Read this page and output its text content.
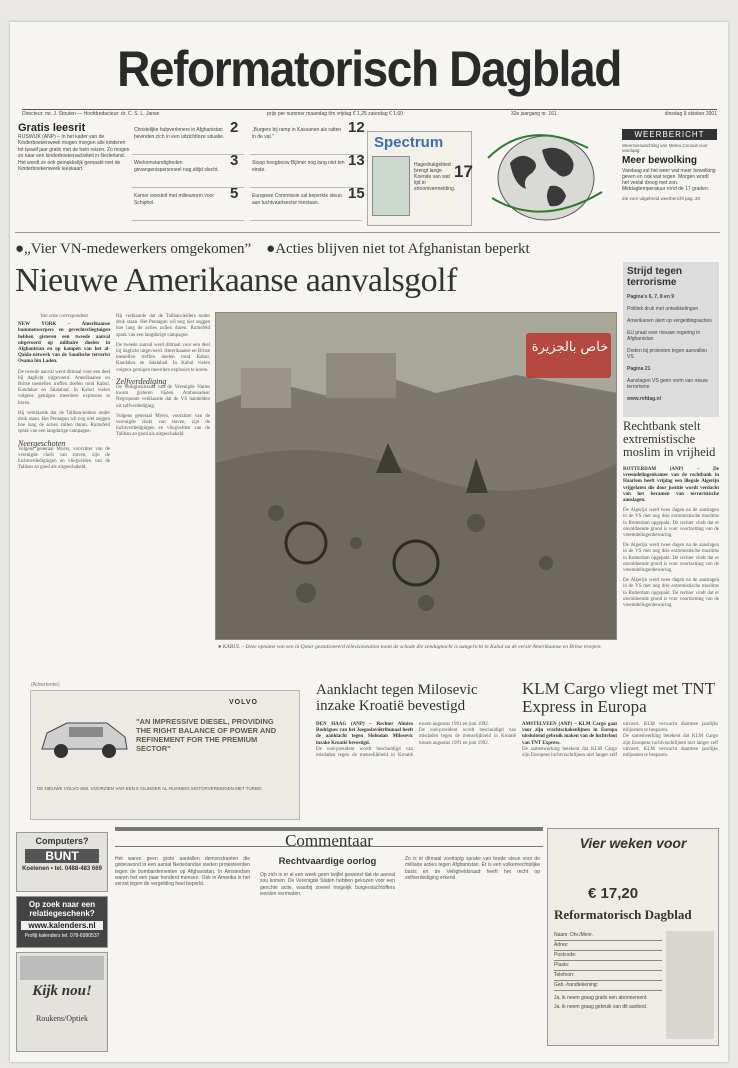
Reformatorisch Dagblad
Directeur: mr. J. Stouten — Hoofdredacteur: dr. C. S. L. Janse	prijs per nummer maandag t/m vrijdag € 1,25 zaterdag € 1,60	32e jaargang nr. 161	dinsdag 9 oktober 2001
Gratis leesrit

RIJSWIJK (ANP) – In het kader van de Kinderboekenweek mogen morgen alle kinderen tot twaalf jaar gratis met de trein reizen. Zo mogen ze naar een kinderboekenactiviteit in Nederland. Het wordt ze ook gemakkelijk gemaakt met de Kinderboekenweek leeskaart.

Christelijke hulpverleners in Afghanistan bevinden zich in een uitzichtloze situatie.
2
Werkomstandigheden gevangenispersoneel nog altijd slecht.
3
Kamer worstelt met milieunorm voor Schiphol.
5
„Burgers bij ramp in Kassanen als ratten in de val.”
12
Stoop hoogbouw Bijlmer nog lang niet ten einde.
13
Europese Commissie zal beperkte steun aan luchtvaartsector toestaan.
15
Spectrum
Hagedrukgebied brengt lange Koende van wat tijd in stroomvermelding.
17
WEERBERICHT
Weersverwachting van Meteo Consult voor vandaag:
Meer bewolking
Vandaag zal het weer wat meer bewolking geven en ook wat regen. Morgen wordt het veelal droog met zon. Middagtemperatuur rond de 17 graden.
Zie voor uitgebreid weerbericht pag. 20
●„Vier VN-medewerkers omgekomen” ●Acties blijven niet tot Afghanistan beperkt
Nieuwe Amerikaanse aanvalsgolf
Van onze correspondent

NEW YORK – Amerikaanse bommenwerpers en gevechtsvliegtuigen hebben gisteren een tweede aanval uitgevoerd op militaire doelen in Afghanistan en op kampen van het al-Qaida-netwerk van de Saudische terrorist Osama bin Laden.

De tweede aanval werd ditmaal voor een deel bij daglicht uitgevoerd. Amerikaanse en Britse toestellen troffen doelen rond Kabul, Kandahar en Jalalabad. In Kabul vielen volgens getuigen meerdere explosies te horen.

Hij verklaarde dat de Taliban-leiders onder druk staan. Het Pentagon wil nog niet zeggen hoe lang de acties zullen duren. Rumsfeld sprak van een langdurige campagne.

Neergeschoten

Volgens generaal Myers, voorzitter van de verenigde chefs van staven, zijn de luchtverdedigingen en vliegvelden van de Taliban zo goed als uitgeschakeld.

Hij verklaarde dat de Taliban-leiders onder druk staan. Het Pentagon wil nog niet zeggen hoe lang de acties zullen duren. Rumsfeld sprak van een langdurige campagne.

De tweede aanval werd ditmaal voor een deel bij daglicht uitgevoerd. Amerikaanse en Britse toestellen troffen doelen rond Kabul, Kandahar en Jalalabad. In Kabul vielen volgens getuigen meerdere explosies te horen.

Zelfverdediging

De Veiligheidsraad van de Verenigde Naties kwam gisteren bijeen. Ambassadeur Negroponte verklaarde dat de VS handelden uit zelfverdediging.

Volgens generaal Myers, voorzitter van de verenigde chefs van staven, zijn de luchtverdedigingen en vliegvelden van de Taliban zo goed als uitgeschakeld.

خاص بالجزيرة
● KABUL – Deze opname van een in Qatar gestationeerd televisiestation toont de schade die zondagnacht is aangericht in Kabul na de eerste Amerikaanse en Britse troepen.
Strijd tegen terrorisme

Pagina's 6, 7, 8 en 9

Politiek druk met ontwikkelingen

Amerikanen alert op vergeldingsacties

EU praat over nieuwe regering in Afghanistan

Doden bij protesten tegen aanvallen VS

Pagina 21

Aanslagen VS geen vorm van nieuw terrorisme

www.refdag.nl

Rechtbank stelt extremistische moslim in vrijheid

ROTTERDAM (ANP) – De vreemdelingenkamer van de rechtbank in Haarlem heeft vrijdag een illegale Algerijn vrijgelaten die door justitie wordt verdacht van het beramen van terroristische aanslagen.

De Algerijn werd twee dagen na de aanslagen in de VS met nog drie extremistische moslims in Rotterdam opgepakt. De rechter vindt dat er onvoldoende grond is voor voortzetting van de vreemdelingenbewaring.

De Algerijn werd twee dagen na de aanslagen in de VS met nog drie extremistische moslims in Rotterdam opgepakt. De rechter vindt dat er onvoldoende grond is voor voortzetting van de vreemdelingenbewaring.

De Algerijn werd twee dagen na de aanslagen in de VS met nog drie extremistische moslims in Rotterdam opgepakt. De rechter vindt dat er onvoldoende grond is voor voortzetting van de vreemdelingenbewaring.

(Advertentie)
VOLVO
"AN IMPRESSIVE DIESEL, PROVIDING THE RIGHT BALANCE OF POWER AND REFINEMENT FOR THE PREMIUM SECTOR"
DE NIEUWE VOLVO S60. VOORZIEN VAN EEN 5 CILINDER AL-RUNNING MOTORVERMOGEN MET TURBO.
Aanklacht tegen Milosevic inzake Kroatië bevestigd

DEN HAAG (ANP) – Rechter Almiro Rodrigues van het Joegoslaviëtribunaal heeft de aanklacht tegen Slobodan Milosevic inzake Kroatië bevestigd.

De oud-president wordt beschuldigd van misdaden tegen de menselijkheid in Kroatië tussen augustus 1991 en juni 1992.

De oud-president wordt beschuldigd van misdaden tegen de menselijkheid in Kroatië tussen augustus 1991 en juni 1992.

KLM Cargo vliegt met TNT Express in Europa

AMSTELVEEN (ANP) – KLM Cargo gaat voor zijn vrachtschakenlijnen in Europa uitsluitend gebruik maken van de luchtvloot van TNT Express.

De samenwerking betekent dat KLM Cargo zijn Europese luchtvrachtlijnen niet langer zelf uitvoert. KLM verwacht daarmee jaarlijks miljoenen te besparen.

De samenwerking betekent dat KLM Cargo zijn Europese luchtvrachtlijnen niet langer zelf uitvoert. KLM verwacht daarmee jaarlijks miljoenen te besparen.

Computers?
BUNT
Koelenen • tel. 0488-483 669
Op zoek naar een relatiegeschenk?
www.kalenders.nl
Profijt kalenders tel. 078-6990537
Kijk nou!
Roukens/Optiek
Commentaar
Het waren geen grote aantallen demonstranten die gisteravond in een aantal Nederlandse steden protesteerden tegen de bombardementen op Afghanistan. In Amsterdam waren het een paar honderd mensen. Ook in Amerika is het verzet tegen de vergelding heel beperkt.
Rechtvaardige oorlog
Op zich is er al een week geen twijfel geweest dat de aanval zou komen. De Verenigde Staten hebben gekozen voor een gerichte actie, waarbij zoveel mogelijk burgerslachtoffers worden vermeden.
Zo is er ditmaal voorlopig sprake van brede steun voor de militaire acties tegen Afghanistan. Er is een volkenrechtelijke basis en de Veiligheidsraad heeft het recht op zelfverdediging erkend.
Vier weken voor
€ 17,20
Reformatorisch Dagblad
Naam: Dhr./Mevr.
Adres:
Postcode:
Plaats:
Telefoon:
Geb.-handtekening:
Ja, ik neem graag gratis een abonnement.
Ja, ik neem graag gebruik van dit aanbod.
